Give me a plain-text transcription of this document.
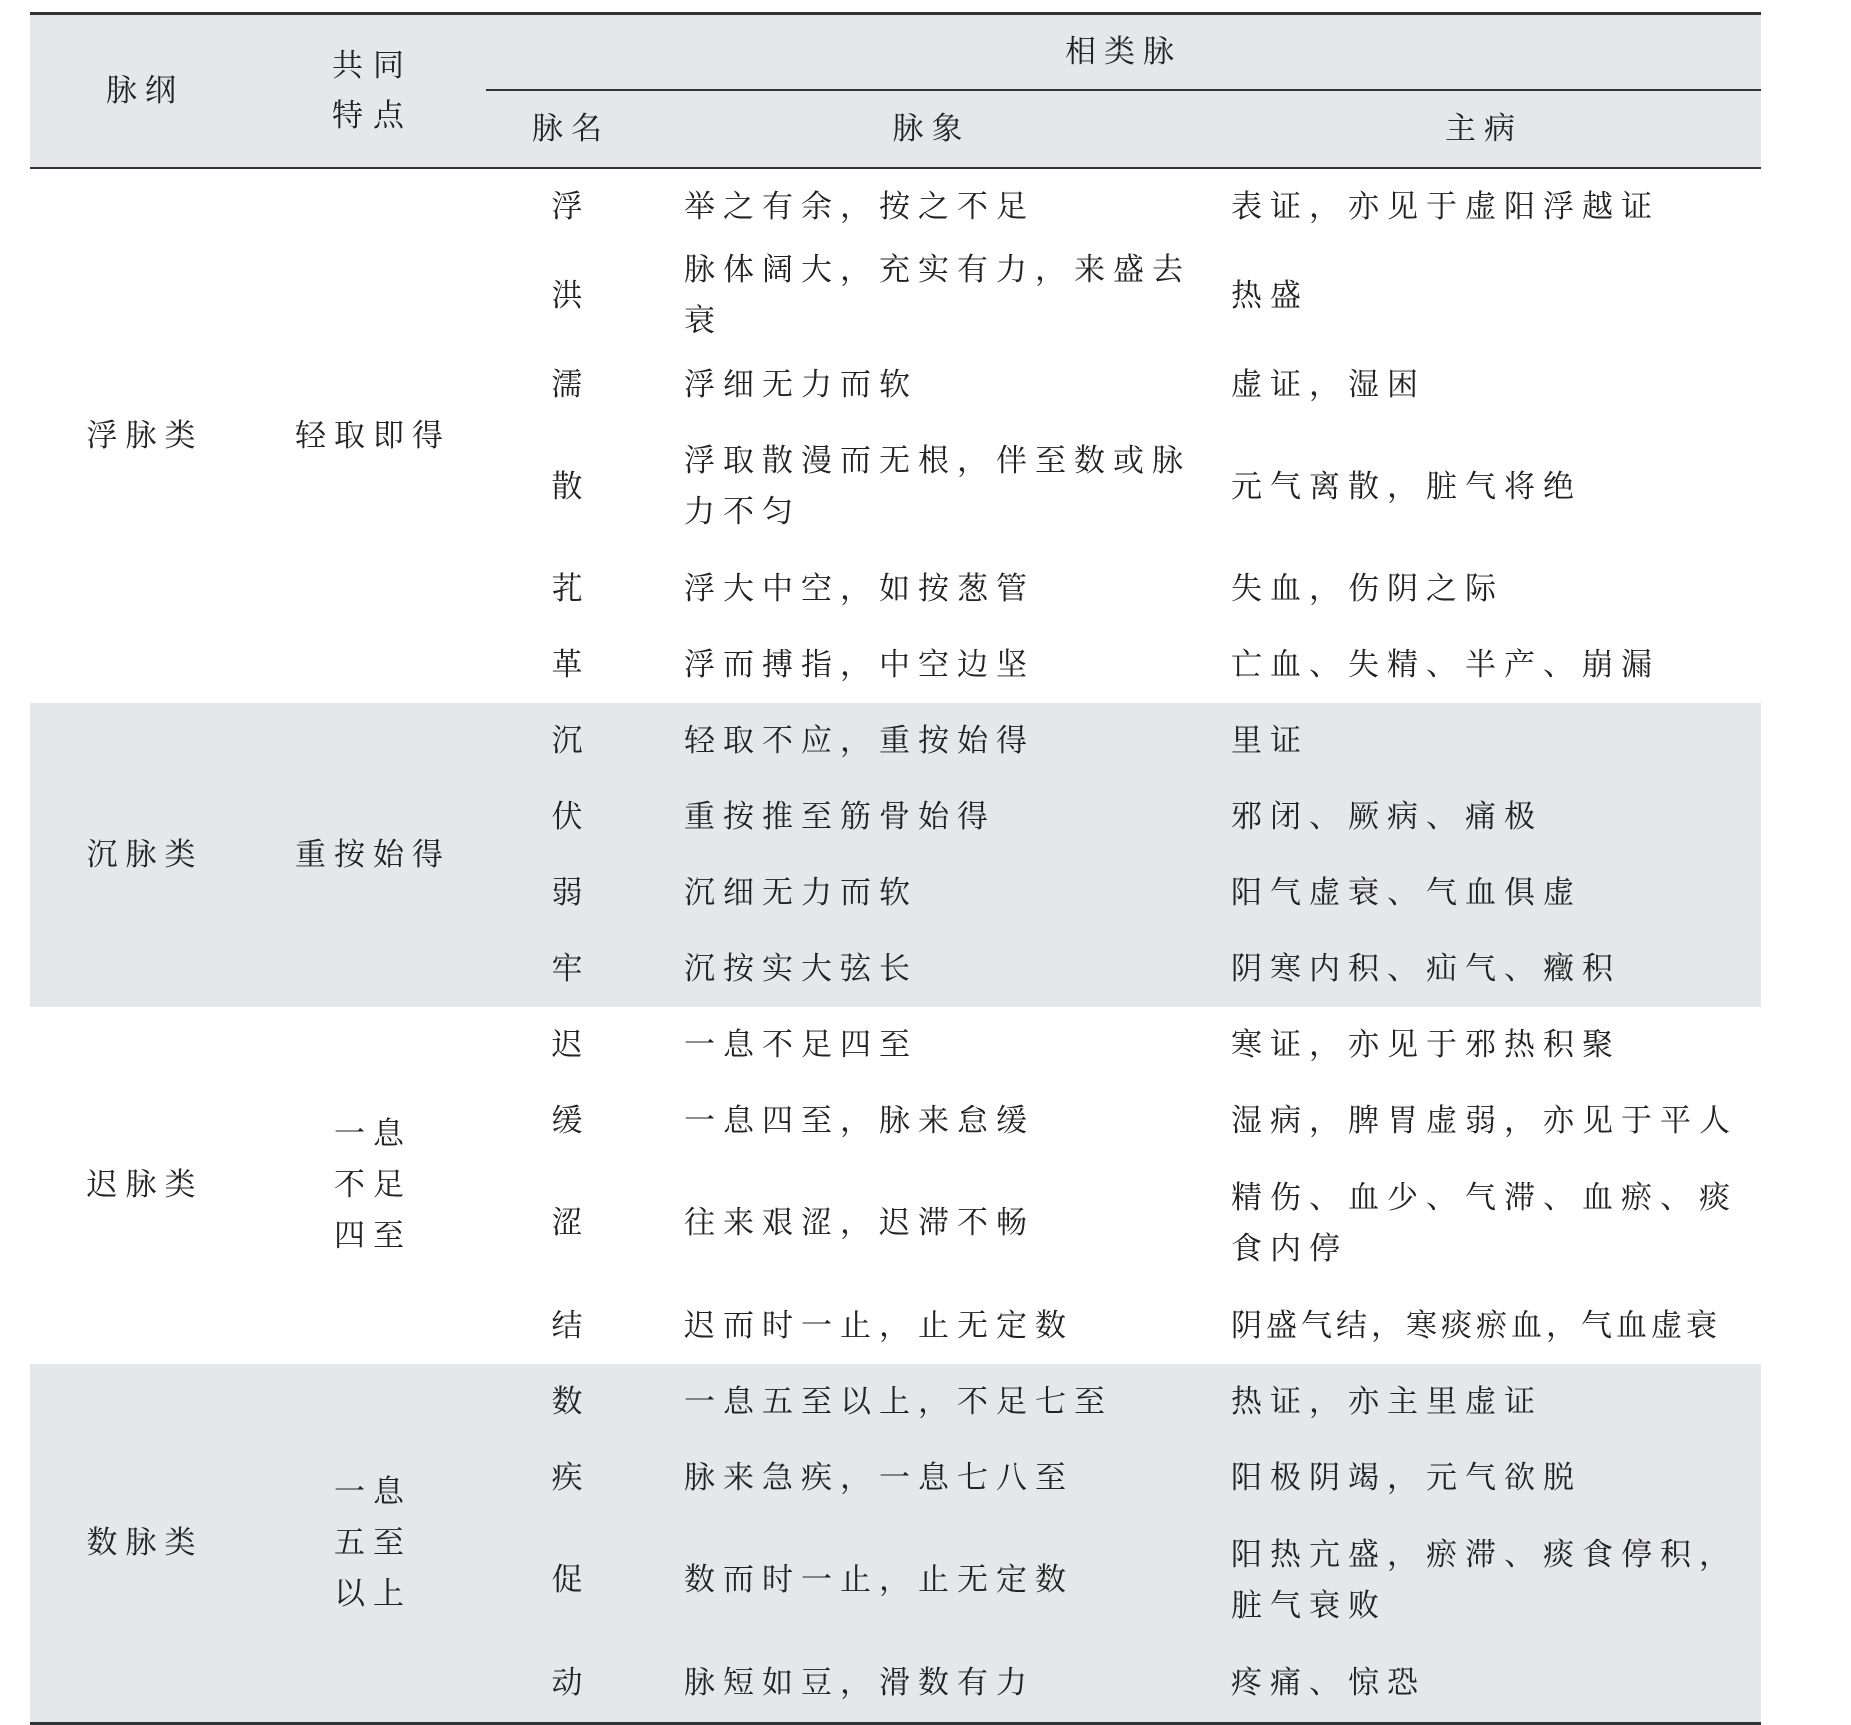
脉纲	共同特点	相类脉		
		脉名	脉象	主病
浮脉类	轻取即得	浮	举之有余，按之不足	表证，亦见于虚阳浮越证
		洪	脉体阔大，充实有力，来盛去衰	热盛
		濡	浮细无力而软	虚证，湿困
		散	浮取散漫而无根，伴至数或脉力不匀	元气离散，脏气将绝
		芤	浮大中空，如按葱管	失血，伤阴之际
		革	浮而搏指，中空边坚	亡血、失精、半产、崩漏
沉脉类	重按始得	沉	轻取不应，重按始得	里证
		伏	重按推至筋骨始得	邪闭、厥病、痛极
		弱	沉细无力而软	阳气虚衰、气血俱虚
		牢	沉按实大弦长	阴寒内积、疝气、癥积
迟脉类	一息不足四至	迟	一息不足四至	寒证，亦见于邪热积聚
		缓	一息四至，脉来怠缓	湿病，脾胃虚弱，亦见于平人
		涩	往来艰涩，迟滞不畅	精伤、血少、气滞、血瘀、痰食内停
		结	迟而时一止，止无定数	阴盛气结，寒痰瘀血，气血虚衰
数脉类	一息五至以上	数	一息五至以上，不足七至	热证，亦主里虚证
		疾	脉来急疾，一息七八至	阳极阴竭，元气欲脱
		促	数而时一止，止无定数	阳热亢盛，瘀滞、痰食停积，脏气衰败
		动	脉短如豆，滑数有力	疼痛、惊恐
